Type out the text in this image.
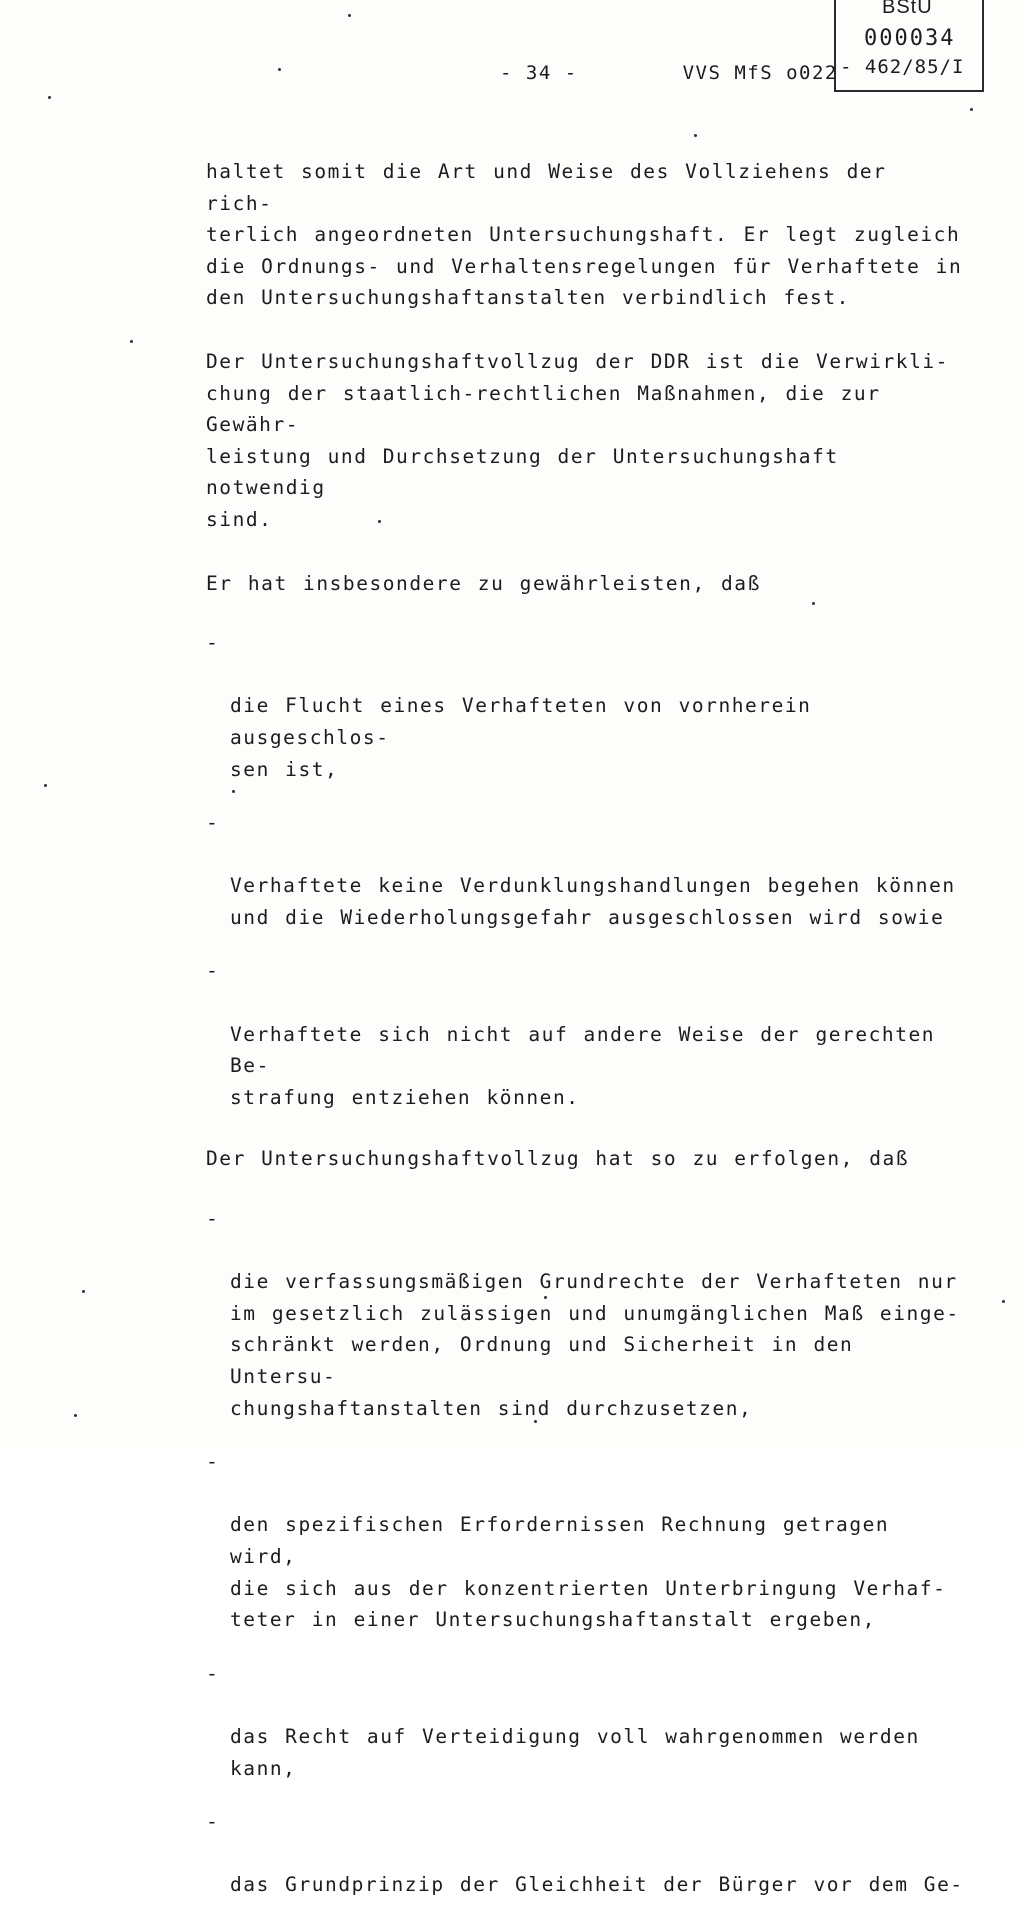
- 34 -	VVS MfS o022
BStU
000034
- 462/85/I

haltet somit die Art und Weise des Vollziehens der rich-
terlich angeordneten Untersuchungshaft. Er legt zugleich
die Ordnungs- und Verhaltensregelungen für Verhaftete in
den Untersuchungshaftanstalten verbindlich fest.

Der Untersuchungshaftvollzug der DDR ist die Verwirkli-
chung der staatlich-rechtlichen Maßnahmen, die zur Gewähr-
leistung und Durchsetzung der Untersuchungshaft notwendig
sind.

Er hat insbesondere zu gewährleisten, daß

-

die Flucht eines Verhafteten von vornherein ausgeschlos-
sen ist,

-

Verhaftete keine Verdunklungshandlungen begehen können
und die Wiederholungsgefahr ausgeschlossen wird sowie

-

Verhaftete sich nicht auf andere Weise der gerechten Be-
strafung entziehen können.

Der Untersuchungshaftvollzug hat so zu erfolgen, daß

-

die verfassungsmäßigen Grundrechte der Verhafteten nur
im gesetzlich zulässigen und unumgänglichen Maß einge-
schränkt werden, Ordnung und Sicherheit in den Untersu-
chungshaftanstalten sind durchzusetzen,

-

den spezifischen Erfordernissen Rechnung getragen wird,
die sich aus der konzentrierten Unterbringung Verhaf-
teter in einer Untersuchungshaftanstalt ergeben,

-

das Recht auf Verteidigung voll wahrgenommen werden kann,

-

das Grundprinzip der Gleichheit der Bürger vor dem Ge-
